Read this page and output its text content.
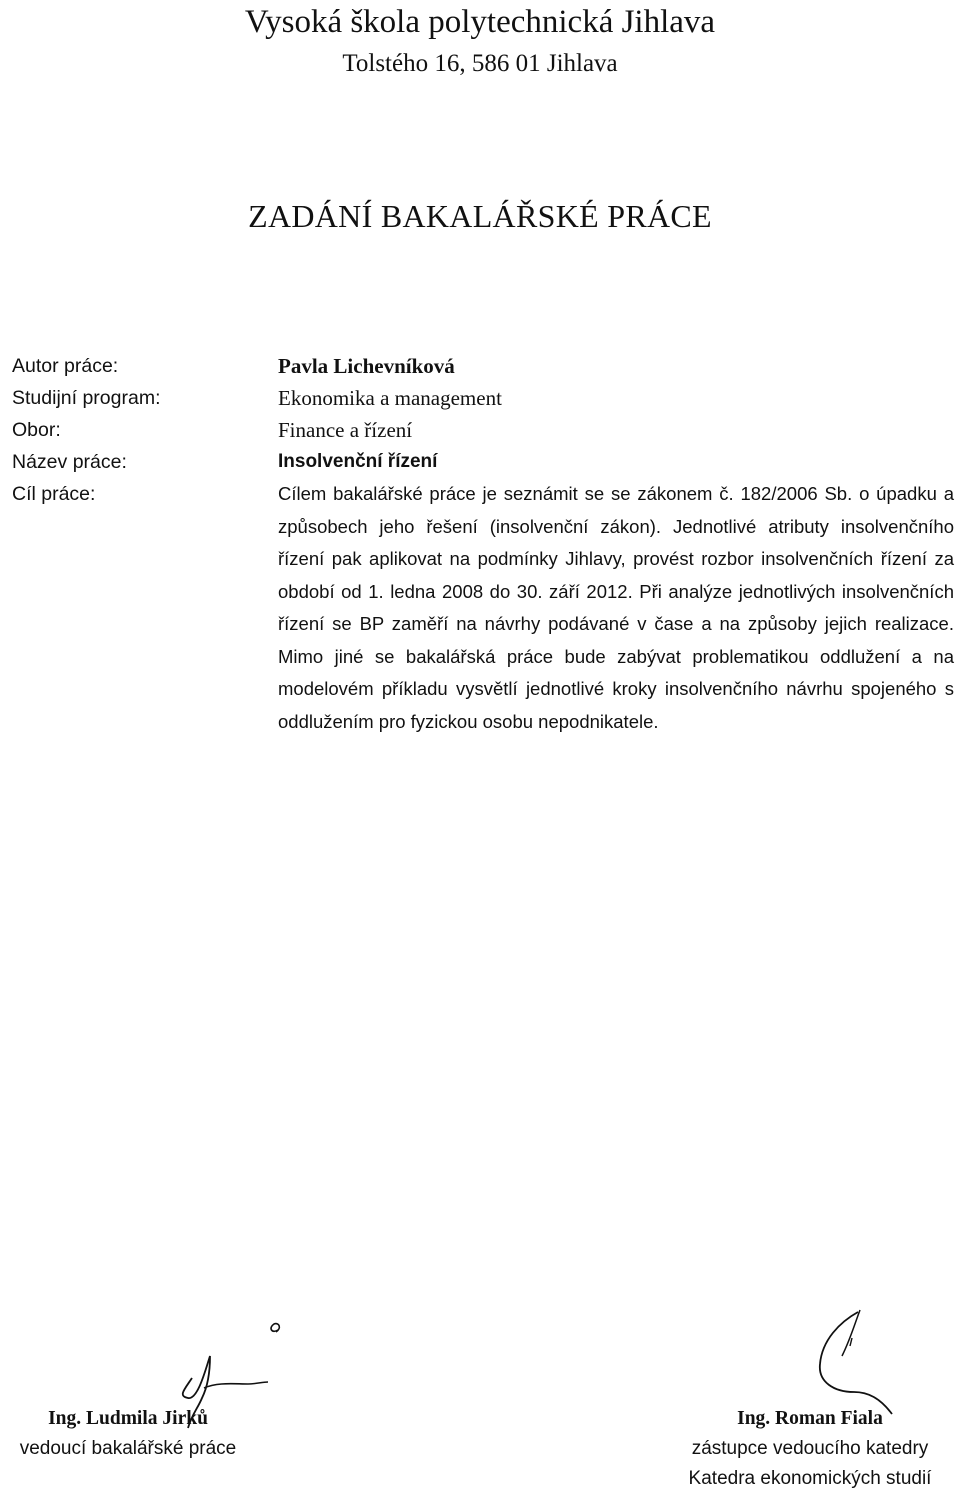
Vysoká škola polytechnická Jihlava
Tolstého 16, 586 01 Jihlava
ZADÁNÍ BAKALÁŘSKÉ PRÁCE
Autor práce:	Pavla Lichevníková
Studijní program:	Ekonomika a management
Obor:	Finance a řízení
Název práce:	Insolvenční řízení
Cíl práce:	Cílem bakalářské práce je seznámit se se zákonem č. 182/2006 Sb. o úpadku a způsobech jeho řešení (insolvenční zákon). Jednotlivé atributy insolvenčního řízení pak aplikovat na podmínky Jihlavy, provést rozbor insolvenčních řízení za období od 1. ledna 2008 do 30. září 2012. Při analýze jednotlivých insolvenčních řízení se BP zaměří na návrhy podávané v čase a na způsoby jejich realizace. Mimo jiné se bakalářská práce bude zabývat problematikou oddlužení a na modelovém příkladu vysvětlí jednotlivé kroky insolvenčního návrhu spojeného s oddlužením pro fyzickou osobu nepodnikatele.
Ing. Ludmila Jirků
vedoucí bakalářské práce
Ing. Roman Fiala
zástupce vedoucího katedry
Katedra ekonomických studií
